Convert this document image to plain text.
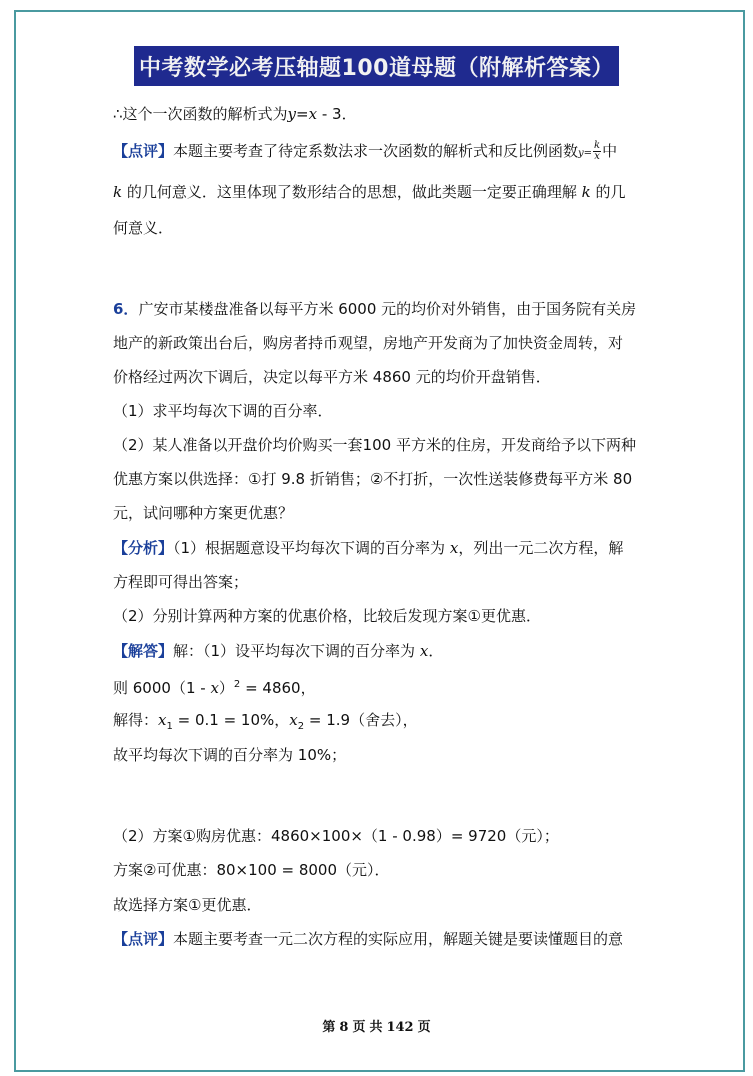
中考数学必考压轴题100道母题（附解析答案）
∴这个一次函数的解析式为y=x - 3．
【点评】本题主要考查了待定系数法求一次函数的解析式和反比例函数$y= \frac{k}{x}$ 中
k 的几何意义．这里体现了数形结合的思想，做此类题一定要正确理解 k 的几
何意义．
6．广安市某楼盘准备以每平方米 6000 元的均价对外销售，由于国务院有关房
地产的新政策出台后，购房者持币观望，房地产开发商为了加快资金周转，对
价格经过两次下调后，决定以每平方米 4860 元的均价开盘销售．
（1）求平均每次下调的百分率．
（2）某人准备以开盘价均价购买一套100 平方米的住房，开发商给予以下两种
优惠方案以供选择：①打 9.8 折销售；②不打折，一次性送装修费每平方米 80
元，试问哪种方案更优惠？
【分析】（1）根据题意设平均每次下调的百分率为 x，列出一元二次方程，解
方程即可得出答案；
（2）分别计算两种方案的优惠价格，比较后发现方案①更优惠．
【解答】解：（1）设平均每次下调的百分率为 x．
则 6000（1 - x）$^2$ = 4860，
解得：$x_1 = 0.1 = 10\%$，$x_2 = 1.9$（舍去），
故平均每次下调的百分率为 10%；
（2）方案①购房优惠：4860×100×（1 - 0.98）= 9720（元）；
方案②可优惠：80×100 = 8000（元）．
故选择方案①更优惠．
【点评】本题主要考查一元二次方程的实际应用，解题关键是要读懂题目的意
第 8 页 共 142 页
